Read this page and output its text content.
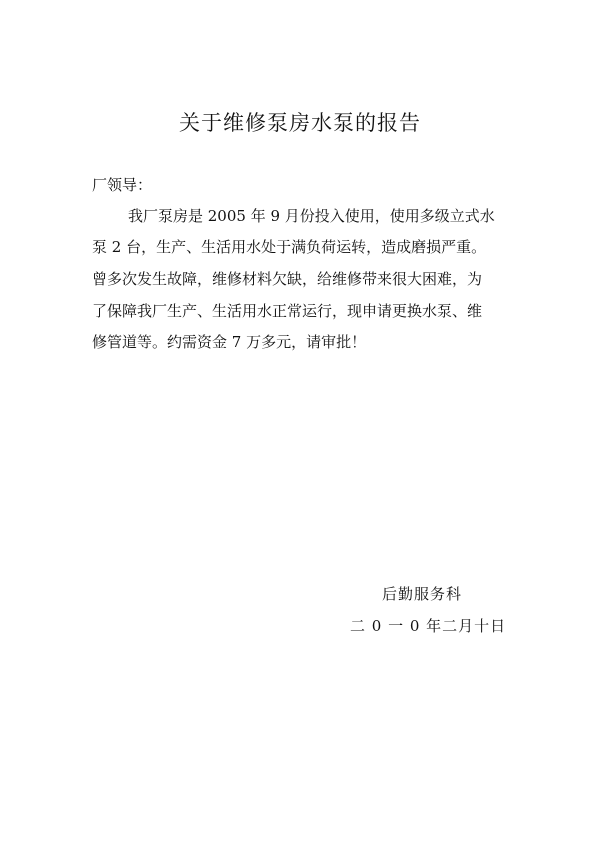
关于维修泵房水泵的报告
厂领导：
我厂泵房是 2005 年 9 月份投入使用，使用多级立式水
泵 2 台，生产、生活用水处于满负荷运转，造成磨损严重。
曾多次发生故障，维修材料欠缺，给维修带来很大困难，为
了保障我厂生产、生活用水正常运行，现申请更换水泵、维
修管道等。约需资金 7 万多元，请审批！
后勤服务科
二 0 一 0 年二月十日
